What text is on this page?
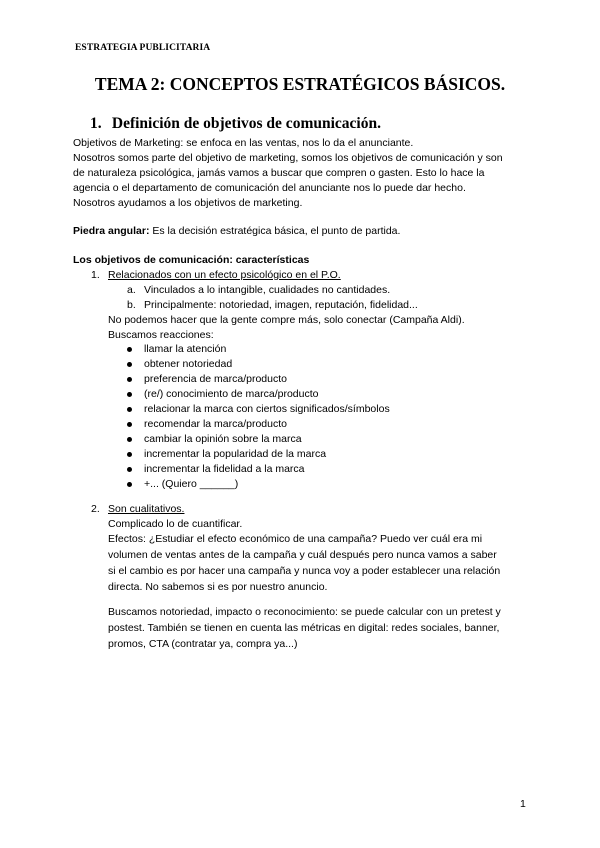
ESTRATEGIA PUBLICITARIA
TEMA 2: CONCEPTOS ESTRATÉGICOS BÁSICOS.
1. Definición de objetivos de comunicación.
Objetivos de Marketing: se enfoca en las ventas, nos lo da el anunciante.
Nosotros somos parte del objetivo de marketing, somos los objetivos de comunicación y son
de naturaleza psicológica, jamás vamos a buscar que compren o gasten. Esto lo hace la
agencia o el departamento de comunicación del anunciante nos lo puede dar hecho.
Nosotros ayudamos a los objetivos de marketing.
Piedra angular: Es la decisión estratégica básica, el punto de partida.
Los objetivos de comunicación: características
1. Relacionados con un efecto psicológico en el P.O.
a. Vinculados a lo intangible, cualidades no cantidades.
b. Principalmente: notoriedad, imagen, reputación, fidelidad...
No podemos hacer que la gente compre más, solo conectar (Campaña Aldi).
Buscamos reacciones:
llamar la atención
obtener notoriedad
preferencia de marca/producto
(re/) conocimiento de marca/producto
relacionar la marca con ciertos significados/símbolos
recomendar la marca/producto
cambiar la opinión sobre la marca
incrementar la popularidad de la marca
incrementar la fidelidad a la marca
+... (Quiero ______)
2. Son cualitativos.
Complicado lo de cuantificar.
Efectos: ¿Estudiar el efecto económico de una campaña? Puedo ver cuál era mi
volumen de ventas antes de la campaña y cuál después pero nunca vamos a saber
si el cambio es por hacer una campaña y nunca voy a poder establecer una relación
directa. No sabemos si es por nuestro anuncio.
Buscamos notoriedad, impacto o reconocimiento: se puede calcular con un pretest y
postest. También se tienen en cuenta las métricas en digital: redes sociales, banner,
promos, CTA (contratar ya, compra ya...)
1
